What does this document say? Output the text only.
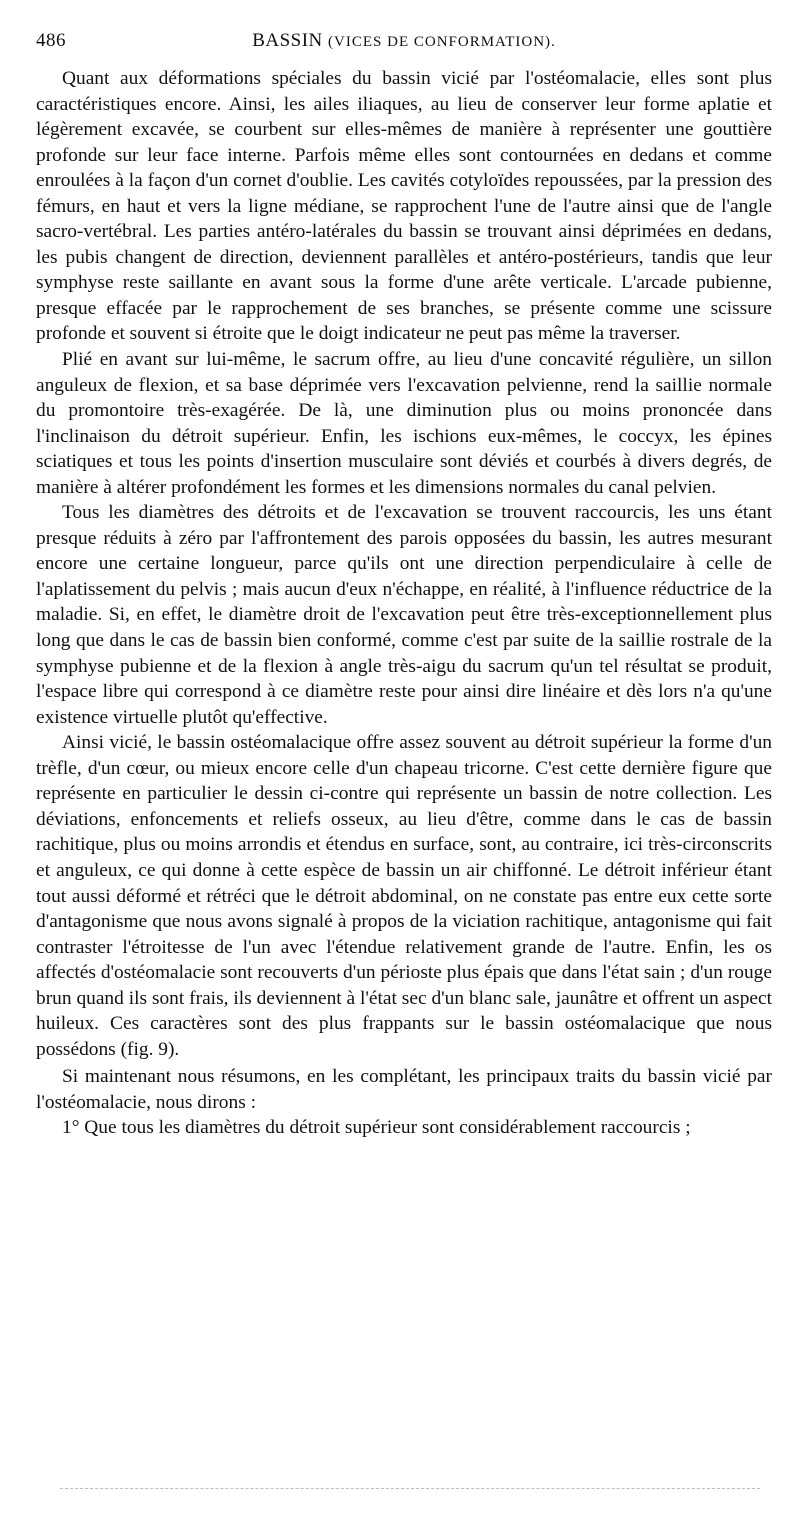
486	BASSIN (VICES DE CONFORMATION).

Quant aux déformations spéciales du bassin vicié par l'ostéomalacie, elles sont plus caractéristiques encore. Ainsi, les ailes iliaques, au lieu de conserver leur forme aplatie et légèrement excavée, se courbent sur elles-mêmes de manière à représenter une gouttière profonde sur leur face interne. Parfois même elles sont contournées en dedans et comme enroulées à la façon d'un cornet d'oublie. Les cavités cotyloïdes repoussées, par la pression des fémurs, en haut et vers la ligne médiane, se rapprochent l'une de l'autre ainsi que de l'angle sacro-vertébral. Les parties antéro-latérales du bassin se trouvant ainsi déprimées en dedans, les pubis changent de direction, deviennent parallèles et antéro-postérieurs, tandis que leur symphyse reste saillante en avant sous la forme d'une arête verticale. L'arcade pubienne, presque effacée par le rapprochement de ses branches, se présente comme une scissure profonde et souvent si étroite que le doigt indicateur ne peut pas même la traverser.

Plié en avant sur lui-même, le sacrum offre, au lieu d'une concavité régulière, un sillon anguleux de flexion, et sa base déprimée vers l'excavation pelvienne, rend la saillie normale du promontoire très-exagérée. De là, une diminution plus ou moins prononcée dans l'inclinaison du détroit supérieur. Enfin, les ischions eux-mêmes, le coccyx, les épines sciatiques et tous les points d'insertion musculaire sont déviés et courbés à divers degrés, de manière à altérer profondément les formes et les dimensions normales du canal pelvien.

Tous les diamètres des détroits et de l'excavation se trouvent raccourcis, les uns étant presque réduits à zéro par l'affrontement des parois opposées du bassin, les autres mesurant encore une certaine longueur, parce qu'ils ont une direction perpendiculaire à celle de l'aplatissement du pelvis ; mais aucun d'eux n'échappe, en réalité, à l'influence réductrice de la maladie. Si, en effet, le diamètre droit de l'excavation peut être très-exceptionnellement plus long que dans le cas de bassin bien conformé, comme c'est par suite de la saillie rostrale de la symphyse pubienne et de la flexion à angle très-aigu du sacrum qu'un tel résultat se produit, l'espace libre qui correspond à ce diamètre reste pour ainsi dire linéaire et dès lors n'a qu'une existence virtuelle plutôt qu'effective.

Ainsi vicié, le bassin ostéomalacique offre assez souvent au détroit supérieur la forme d'un trèfle, d'un cœur, ou mieux encore celle d'un chapeau tricorne. C'est cette dernière figure que représente en particulier le dessin ci-contre qui représente un bassin de notre collection. Les déviations, enfoncements et reliefs osseux, au lieu d'être, comme dans le cas de bassin rachitique, plus ou moins arrondis et étendus en surface, sont, au contraire, ici très-circonscrits et anguleux, ce qui donne à cette espèce de bassin un air chiffonné. Le détroit inférieur étant tout aussi déformé et rétréci que le détroit abdominal, on ne constate pas entre eux cette sorte d'antagonisme que nous avons signalé à propos de la viciation rachitique, antagonisme qui fait contraster l'étroitesse de l'un avec l'étendue relativement grande de l'autre. Enfin, les os affectés d'ostéomalacie sont recouverts d'un périoste plus épais que dans l'état sain ; d'un rouge brun quand ils sont frais, ils deviennent à l'état sec d'un blanc sale, jaunâtre et offrent un aspect huileux. Ces caractères sont des plus frappants sur le bassin ostéomalacique que nous possédons (fig. 9).

Si maintenant nous résumons, en les complétant, les principaux traits du bassin vicié par l'ostéomalacie, nous dirons :

1° Que tous les diamètres du détroit supérieur sont considérablement raccourcis ;
